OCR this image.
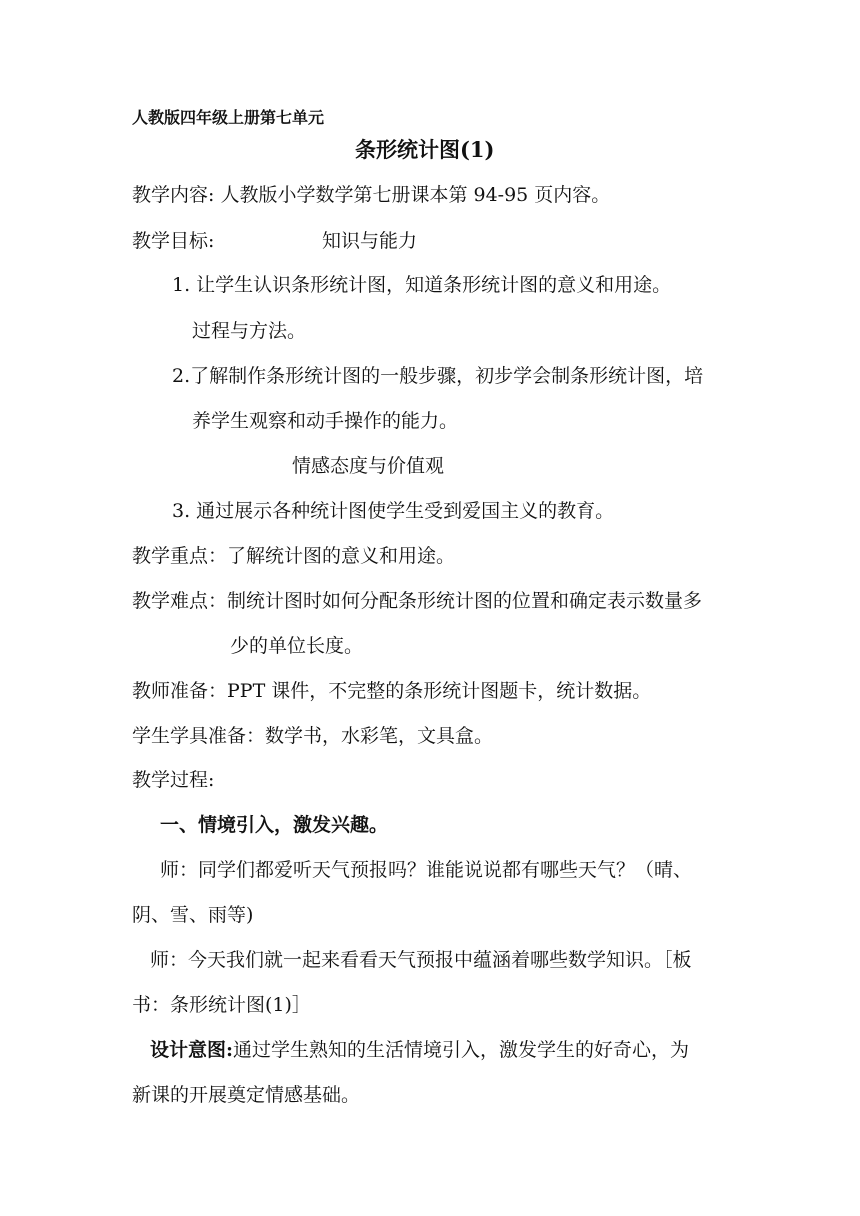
人教版四年级上册第七单元
条形统计图(1)
教学内容: 人教版小学数学第七册课本第 94-95 页内容。
教学目标:	知识与能力
1. 让学生认识条形统计图，知道条形统计图的意义和用途。
过程与方法。
2.了解制作条形统计图的一般步骤，初步学会制条形统计图，培
养学生观察和动手操作的能力。
情感态度与价值观
3. 通过展示各种统计图使学生受到爱国主义的教育。
教学重点：了解统计图的意义和用途。
教学难点：制统计图时如何分配条形统计图的位置和确定表示数量多
少的单位长度。
教师准备：PPT 课件，不完整的条形统计图题卡，统计数据。
学生学具准备：数学书，水彩笔，文具盒。
教学过程:
一、情境引入，激发兴趣。
师：同学们都爱听天气预报吗？谁能说说都有哪些天气？（晴、
阴、雪、雨等)
师：今天我们就一起来看看天气预报中蕴涵着哪些数学知识。［板
书：条形统计图(1)］
设计意图:通过学生熟知的生活情境引入，激发学生的好奇心，为
新课的开展奠定情感基础。
